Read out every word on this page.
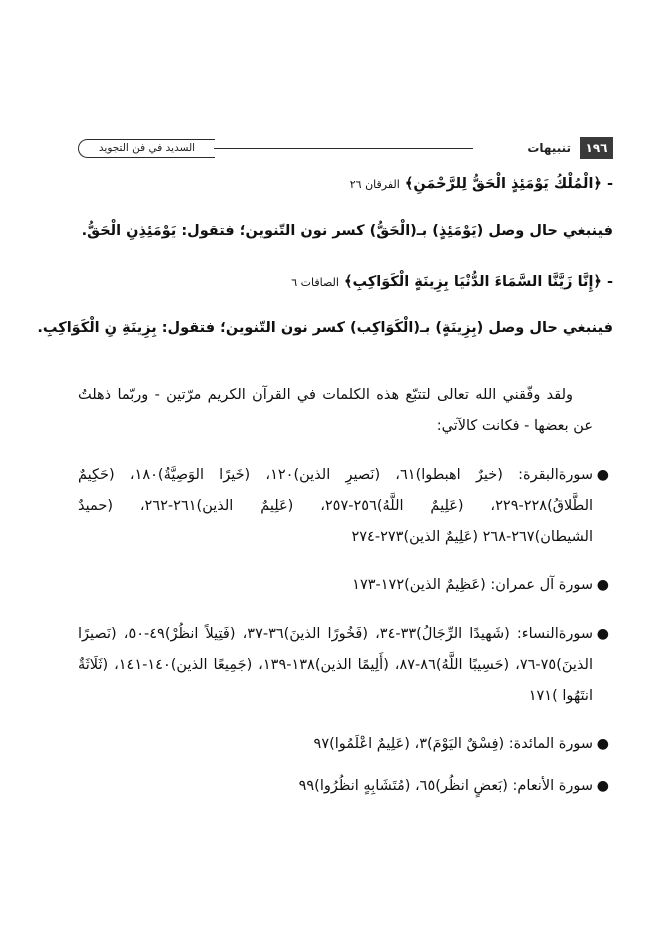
١٩٦
تنبيهات
السديد في فن التجويد
- ﴿الْمُلْكُ يَوْمَئِذٍ الْحَقُّ لِلرَّحْمَنِ﴾ الفرقان ٢٦
فينبغي حال وصل (يَوْمَئِذٍ) بـ(الْحَقُّ) كسر نون التّنوين؛ فتقول: يَوْمَئِذِنِ الْحَقُّ.
- ﴿إِنَّا زَيَّنَّا السَّمَاءَ الدُّنْيَا بِزِينَةٍ الْكَوَاكِبِ﴾ الصافات ٦
فينبغي حال وصل (بِزِينَةٍ) بـ(الْكَوَاكِب) كسر نون التّنوين؛ فتقول: بِزِينَةِ نِ الْكَوَاكِبِ.
ولقد وفّقني الله تعالى لتتبّع هذه الكلمات في القرآن الكريم مرّتين - وربّما ذهلتُ عن بعضها - فكانت كالآتي:
●
سورةالبقرة: (خيرٌ اهبطوا)٦١، (نَصيرِ الذين)١٢٠، (خَيرًا الوَصِيَّةُ)١٨٠، (حَكِيمٌ الطَّلاقُ)٢٢٨-٢٢٩، (عَلِيمٌ اللَّهُ)٢٥٦-٢٥٧، (عَلِيمٌ الذين)٢٦١-٢٦٢، (حميدٌ الشيطان)٢٦٧-٢٦٨ (عَلِيمٌ الذين)٢٧٣-٢٧٤
●
سورة آل عمران: (عَظِيمٌ الذين)١٧٢-١٧٣
●
سورةالنساء: (شَهيدًا الرِّجَالُ)٣٣-٣٤، (فَخُورًا الذينَ)٣٦-٣٧، (فَتِيلاً انظُرْ)٤٩-٥٠، (نَصيرًا الذينَ)٧٥-٧٦، (حَسِيبًا اللَّهُ)٨٦-٨٧، (أَلِيمًا الذين)١٣٨-١٣٩، (جَمِيعًا الذين)١٤٠-١٤١، (ثَلَاثَةٌ انتَهُوا )١٧١
●
سورة المائدة: (فِسْقٌ اليَوْمَ)٣، (عَلِيمٌ اعْلَمُوا)٩٧
●
سورة الأنعام: (بَعضٍ انظُر)٦٥، (مُتَشَابِهٍ انظُرُوا)٩٩
